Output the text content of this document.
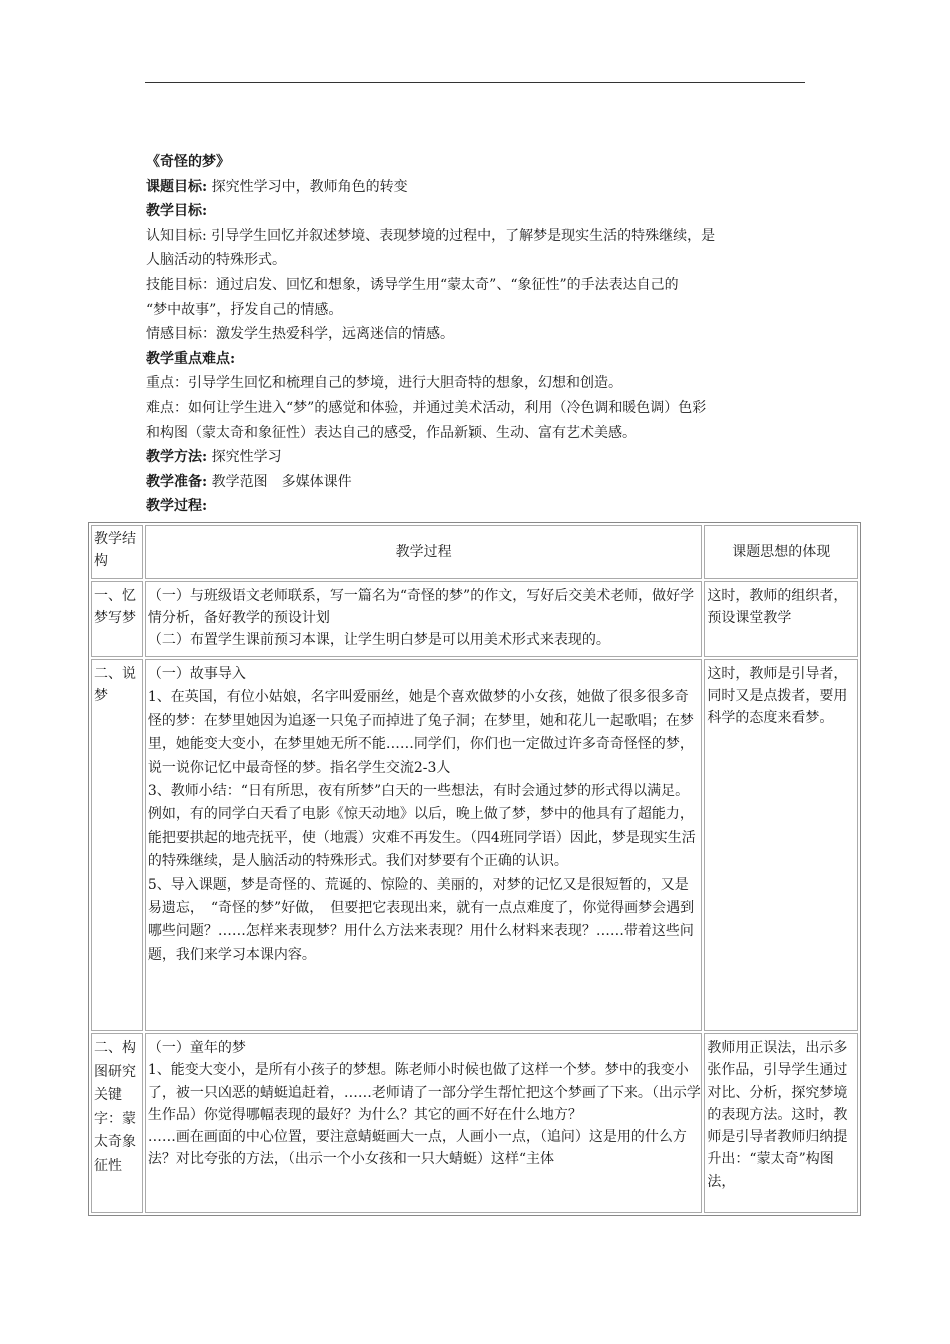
《奇怪的梦》

课题目标: 探究性学习中，教师角色的转变

教学目标:

认知目标: 引导学生回忆并叙述梦境、表现梦境的过程中，了解梦是现实生活的特殊继续，是

人脑活动的特殊形式。

技能目标：通过启发、回忆和想象，诱导学生用“蒙太奇”、“象征性”的手法表达自己的

“梦中故事”，抒发自己的情感。

情感目标：激发学生热爱科学，远离迷信的情感。

教学重点难点:

重点：引导学生回忆和梳理自己的梦境，进行大胆奇特的想象，幻想和创造。

难点：如何让学生进入“梦”的感觉和体验，并通过美术活动，利用（冷色调和暖色调）色彩

和构图（蒙太奇和象征性）表达自己的感受，作品新颖、生动、富有艺术美感。

教学方法: 探究性学习

教学准备: 教学范图　多媒体课件

教学过程:

教学结构
教学过程	课题思想的体现
一、忆梦写梦

（一）与班级语文老师联系，写一篇名为“奇怪的梦”的作文，写好后交美术老师，做好学情分析，备好教学的预设计划

（二）布置学生课前预习本课，让学生明白梦是可以用美术形式来表现的。

这时，教师的组织者，预设课堂教学
二、说梦

（一）故事导入

1、在英国，有位小姑娘，名字叫爱丽丝，她是个喜欢做梦的小女孩，她做了很多很多奇怪的梦：在梦里她因为追逐一只兔子而掉进了兔子洞；在梦里，她和花儿一起歌唱；在梦里，她能变大变小，在梦里她无所不能……同学们，你们也一定做过许多奇奇怪怪的梦，说一说你记忆中最奇怪的梦。指名学生交流2-3人

3、教师小结：“日有所思，夜有所梦”白天的一些想法，有时会通过梦的形式得以满足。例如，有的同学白天看了电影《惊天动地》以后，晚上做了梦，梦中的他具有了超能力，能把要拱起的地壳抚平，使（地震）灾难不再发生。（四4班同学语）因此，梦是现实生活的特殊继续，是人脑活动的特殊形式。我们对梦要有个正确的认识。

5、导入课题，梦是奇怪的、荒诞的、惊险的、美丽的，对梦的记忆又是很短暂的，又是易遗忘，　“奇怪的梦”好做，　但要把它表现出来，就有一点点难度了，你觉得画梦会遇到哪些问题？……怎样来表现梦？用什么方法来表现？用什么材料来表现？……带着这些问题，我们来学习本课内容。

这时，教师是引导者，同时又是点拨者，要用科学的态度来看梦。
二、构图研究关键字：蒙太奇象征性

（一）童年的梦

1、能变大变小，是所有小孩子的梦想。陈老师小时候也做了这样一个梦。梦中的我变小了，被一只凶恶的蜻蜓追赶着，……老师请了一部分学生帮忙把这个梦画了下来。（出示学生作品）你觉得哪幅表现的最好？为什么？其它的画不好在什么地方？

……画在画面的中心位置，要注意蜻蜓画大一点，人画小一点，（追问）这是用的什么方法？对比夸张的方法，（出示一个小女孩和一只大蜻蜓）这样“主体

教师用正误法，出示多张作品，引导学生通过对比、分析，探究梦境的表现方法。这时，教师是引导者教师归纳提升出：“蒙太奇”构图法，
